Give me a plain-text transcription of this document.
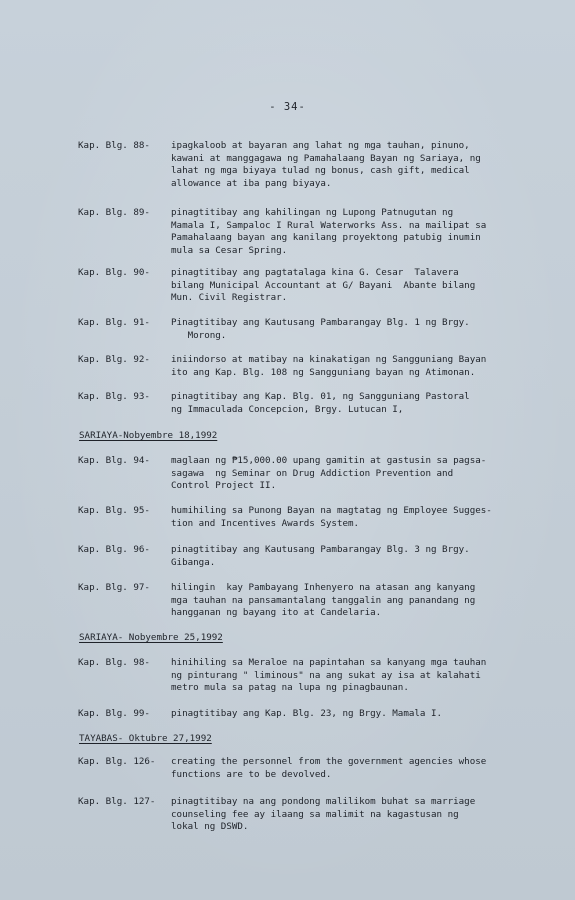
- 34-
Kap. Blg. 88- ipagkaloob at bayaran ang lahat ng mga tauhan, pinuno,
kawani at manggagawa ng Pamahalaang Bayan ng Sariaya, ng
lahat ng mga biyaya tulad ng bonus, cash gift, medical
allowance at iba pang biyaya.
Kap. Blg. 89- pinagtitibay ang kahilingan ng Lupong Patnugutan ng
Mamala I, Sampaloc I Rural Waterworks Ass. na mailipat sa
Pamahalaang bayan ang kanilang proyektong patubig inumin
mula sa Cesar Spring.
Kap. Blg. 90- pinagtitibay ang pagtatalaga kina G. Cesar  Talavera
bilang Municipal Accountant at G/ Bayani  Abante bilang
Mun. Civil Registrar.
Kap. Blg. 91- Pinagtitibay ang Kautusang Pambarangay Blg. 1 ng Brgy.
Morong.
Kap. Blg. 92- iniindorso at matibay na kinakatigan ng Sangguniang Bayan
ito ang Kap. Blg. 108 ng Sangguniang bayan ng Atimonan.
Kap. Blg. 93- pinagtitibay ang Kap. Blg. 01, ng Sangguniang Pastoral
ng Immaculada Concepcion, Brgy. Lutucan I,
Kap. Blg. 94- maglaan ng ₱15,000.00 upang gamitin at gastusin sa pagsa-
sagawa  ng Seminar on Drug Addiction Prevention and
Control Project II.
Kap. Blg. 95- humihiling sa Punong Bayan na magtatag ng Employee Sugges-
tion and Incentives Awards System.
Kap. Blg. 96- pinagtitibay ang Kautusang Pambarangay Blg. 3 ng Brgy.
Gibanga.
Kap. Blg. 97- hilingin  kay Pambayang Inhenyero na atasan ang kanyang
mga tauhan na pansamantalang tanggalin ang panandang ng
hangganan ng bayang ito at Candelaria.
Kap. Blg. 98- hinihiling sa Meraloe na papintahan sa kanyang mga tauhan
ng pinturang " liminous" na ang sukat ay isa at kalahati
metro mula sa patag na lupa ng pinagbaunan.
Kap. Blg. 99- pinagtitibay ang Kap. Blg. 23, ng Brgy. Mamala I.
Kap. Blg. 126- creating the personnel from the government agencies whose
functions are to be devolved.
Kap. Blg. 127- pinagtitibay na ang pondong malilikom buhat sa marriage
counseling fee ay ilaang sa malimit na kagastusan ng
lokal ng DSWD.
SARIAYA-Nobyembre 18,1992
SARIAYA- Nobyembre 25,1992
TAYABAS- Oktubre 27,1992
